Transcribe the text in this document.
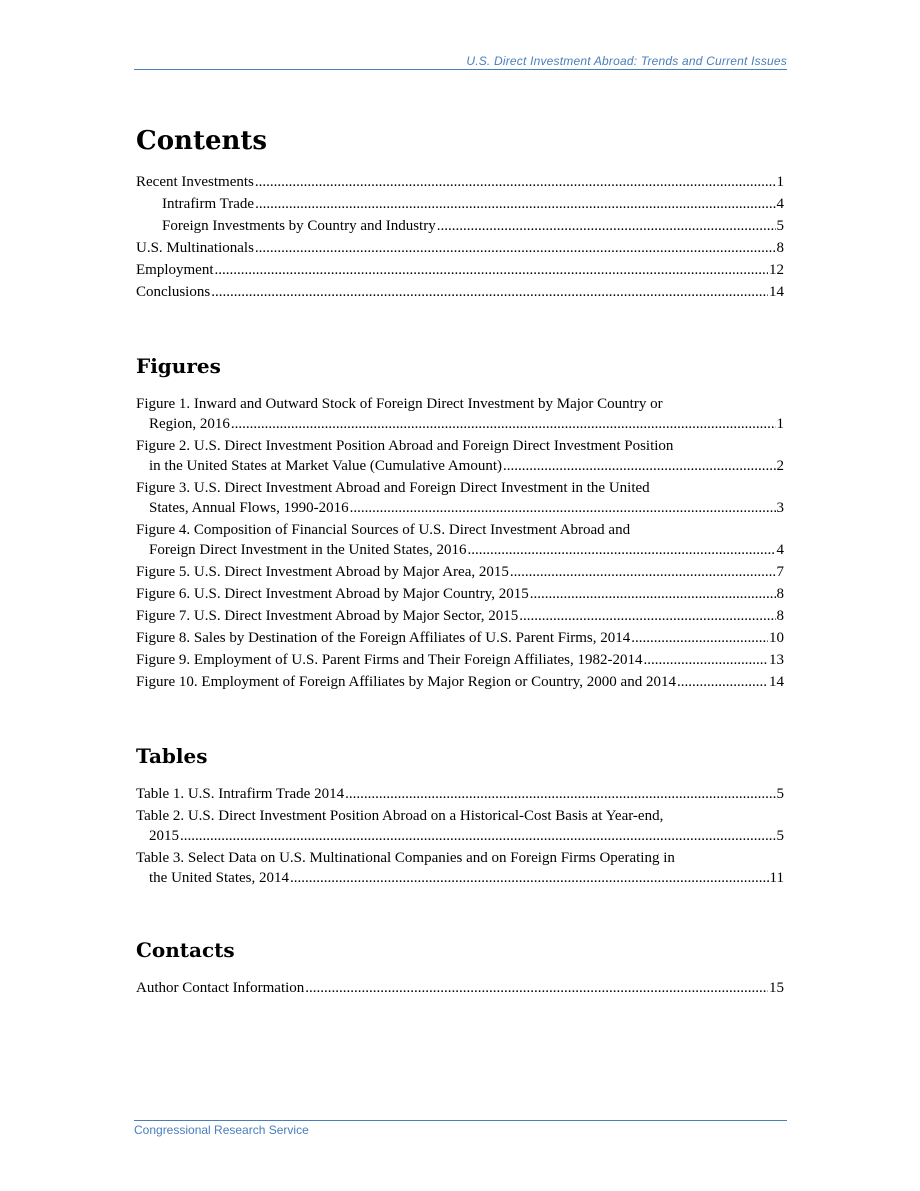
U.S. Direct Investment Abroad: Trends and Current Issues
Contents
Recent Investments .....	1
Intrafirm Trade .....	4
Foreign Investments by Country and Industry .....	5
U.S. Multinationals .....	8
Employment .....	12
Conclusions .....	14
Figures
Figure 1. Inward and Outward Stock of Foreign Direct Investment by Major Country or
Region, 2016 .....	1
Figure 2. U.S. Direct Investment Position Abroad and Foreign Direct Investment Position
in the United States at Market Value (Cumulative Amount) .....	2
Figure 3. U.S. Direct Investment Abroad and Foreign Direct Investment in the United
States, Annual Flows, 1990-2016 .....	3
Figure 4. Composition of Financial Sources of U.S. Direct Investment Abroad and
Foreign Direct Investment in the United States, 2016 .....	4
Figure 5. U.S. Direct Investment Abroad by Major Area, 2015 .....	7
Figure 6. U.S. Direct Investment Abroad by Major Country, 2015 .....	8
Figure 7. U.S. Direct Investment Abroad by Major Sector, 2015 .....	8
Figure 8. Sales by Destination of the Foreign Affiliates of U.S. Parent Firms, 2014 .....	10
Figure 9. Employment of U.S. Parent Firms and Their Foreign Affiliates, 1982-2014 .....	13
Figure 10. Employment of Foreign Affiliates by Major Region or Country, 2000 and 2014 .....	14
Tables
Table 1. U.S. Intrafirm Trade 2014 .....	5
Table 2. U.S. Direct Investment Position Abroad on a Historical-Cost Basis at Year-end,
2015 .....	5
Table 3. Select Data on U.S. Multinational Companies and on Foreign Firms Operating in
the United States, 2014 .....	11
Contacts
Author Contact Information .....	15
Congressional Research Service
